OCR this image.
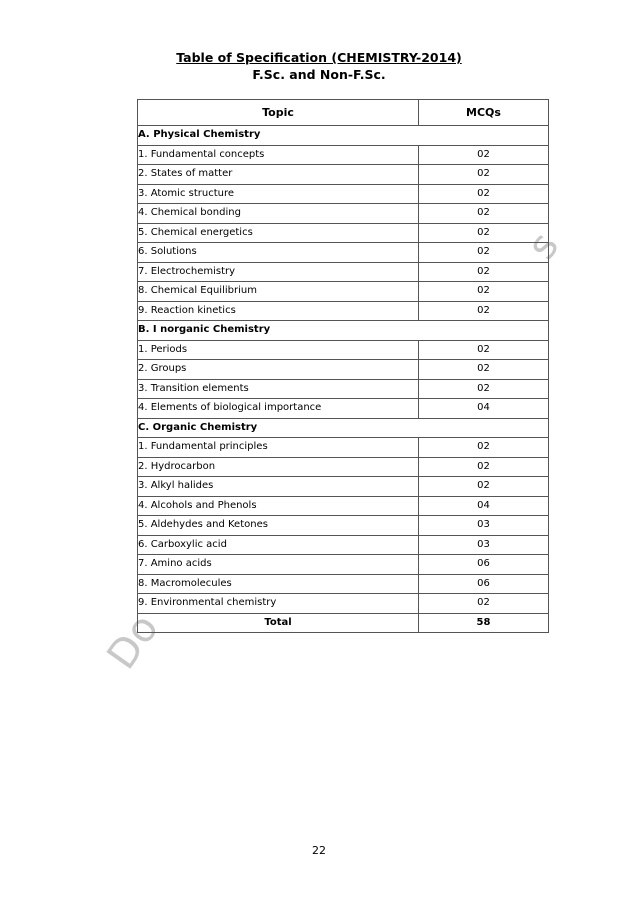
Do
s
Table of Specification (CHEMISTRY-2014)
F.Sc. and Non-F.Sc.
Topic	MCQs
A. Physical Chemistry	
1. Fundamental concepts	02
2. States of matter	02
3. Atomic structure	02
4. Chemical bonding	02
5. Chemical energetics	02
6. Solutions	02
7. Electrochemistry	02
8. Chemical Equilibrium	02
9. Reaction kinetics	02
B. I norganic Chemistry	
1. Periods	02
2. Groups	02
3. Transition elements	02
4. Elements of biological importance	04
C. Organic Chemistry	
1. Fundamental principles	02
2. Hydrocarbon	02
3. Alkyl halides	02
4. Alcohols and Phenols	04
5. Aldehydes and Ketones	03
6. Carboxylic acid	03
7. Amino acids	06
8. Macromolecules	06
9. Environmental chemistry	02
Total	58
22
